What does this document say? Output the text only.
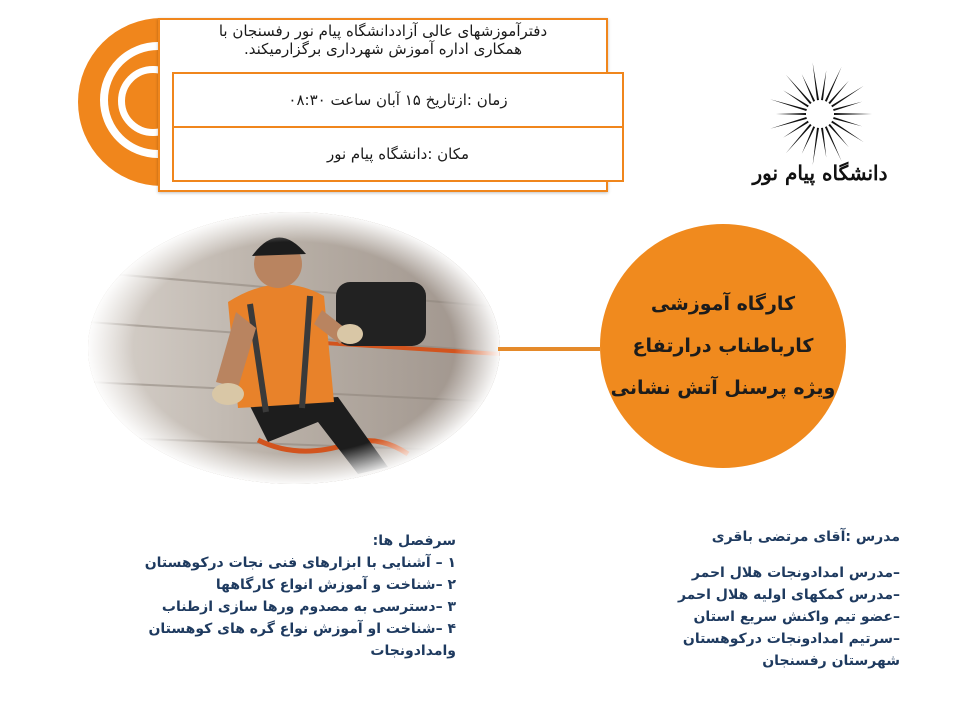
دفترآموزشهای عالی آزاددانشگاه پیام نور رفسنجان با
همکاری اداره آموزش شهرداری برگزارمیکند.
زمان :ازتاریخ ۱۵ آبان ساعت ۰۸:۳۰
مکان :دانشگاه پیام نور
دانشگاه پیام نور
کارگاه آموزشی
کارباطناب درارتفاع
ویژه پرسنل آتش نشانی
سرفصل ها:
۱ – آشنایی با ابزارهای فنی نجات درکوهستان
۲ –شناخت و آموزش انواع کارگاهها
۳ –دسترسی به مصدوم ورها سازی ازطناب
۴ –شناخت او آموزش نواع گره های کوهستان
وامدادونجات
مدرس :آقای مرتضی باقری
–مدرس امدادونجات هلال احمر
–مدرس کمکهای اولیه هلال احمر
–عضو تیم واکنش سریع استان
–سرتیم امدادونجات درکوهستان
شهرستان رفسنجان
